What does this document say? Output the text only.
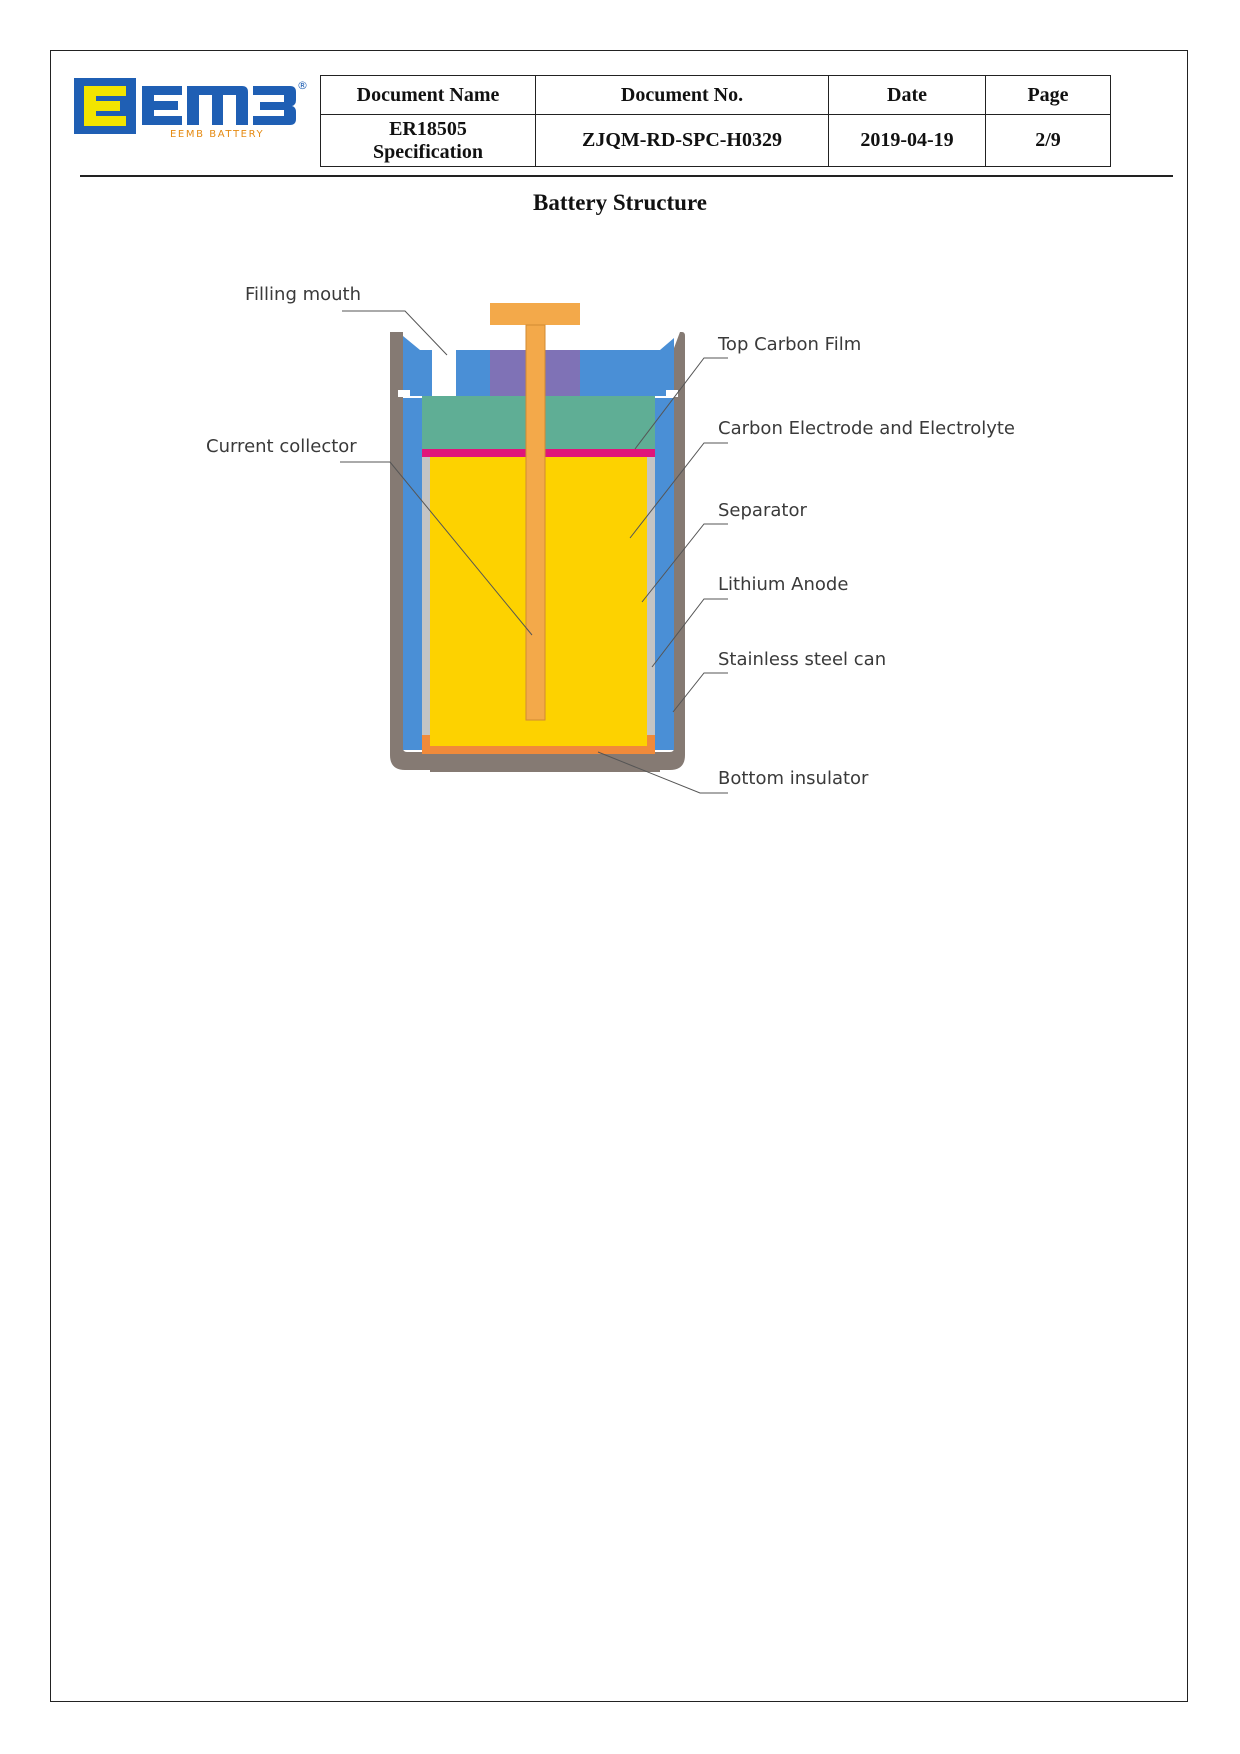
®
EEMB BATTERY
Document Name	Document No.	Date	Page

ER18505
Specification	ZJQM-RD-SPC-H0329	2019-04-19	2/9
Battery Structure
Filling mouth
Current collector
Top Carbon Film
Carbon Electrode and Electrolyte
Separator
Lithium Anode
Stainless steel can
Bottom insulator
